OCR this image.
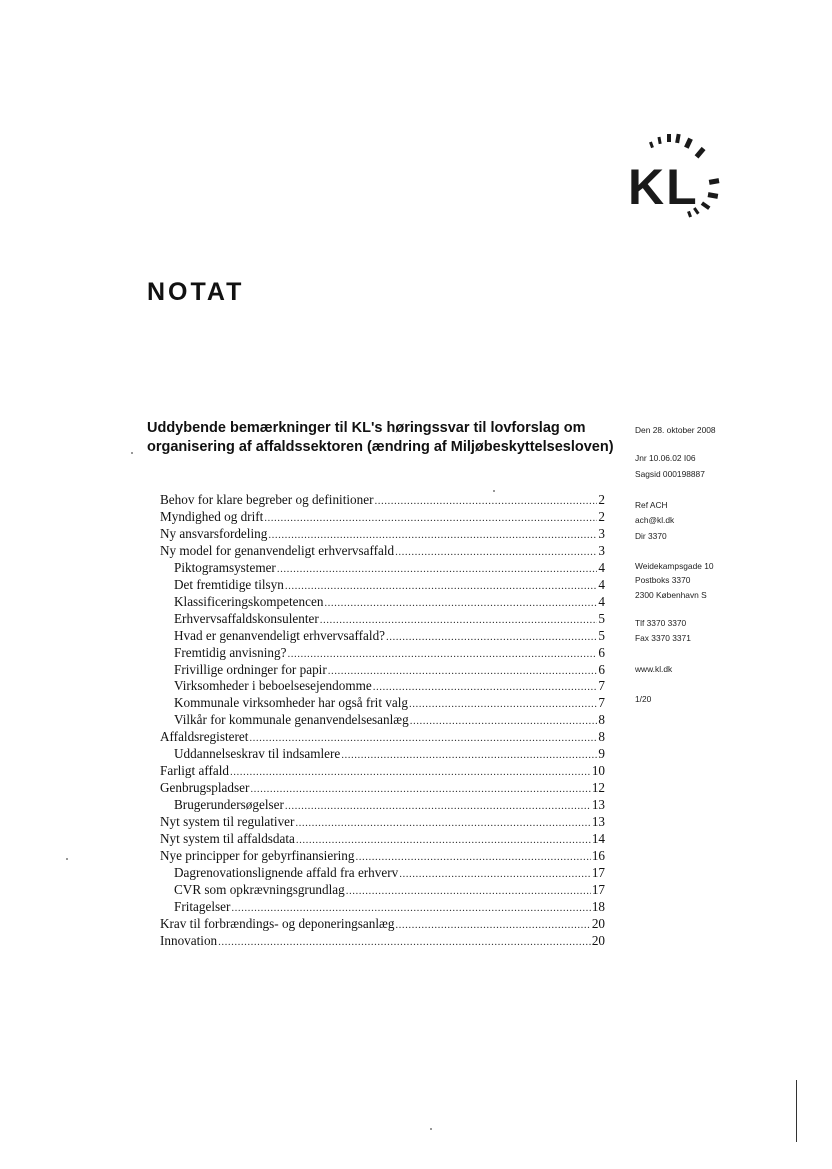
KL
NOTAT
Uddybende bemærkninger til KL's høringssvar til lovforslag om
organisering af affaldssektoren (ændring af Miljøbeskyttelsesloven)
Den 28. oktober 2008
Jnr 10.06.02 I06
Sagsid 000198887
Ref ACH
ach@kl.dk
Dir 3370
Weidekampsgade 10
Postboks 3370
2300 København S
Tlf 3370 3370
Fax 3370 3371
www.kl.dk
1/20
Behov for klare begreber og definitioner .....	2
Myndighed og drift .....	2
Ny ansvarsfordeling .....	3
Ny model for genanvendeligt erhvervsaffald .....	3
Piktogramsystemer .....	4
Det fremtidige tilsyn .....	4
Klassificeringskompetencen .....	4
Erhvervsaffaldskonsulenter .....	5
Hvad er genanvendeligt erhvervsaffald? .....	5
Fremtidig anvisning? .....	6
Frivillige ordninger for papir .....	6
Virksomheder i beboelsesejendomme .....	7
Kommunale virksomheder har også frit valg .....	7
Vilkår for kommunale genanvendelsesanlæg .....	8
Affaldsregisteret .....	8
Uddannelseskrav til indsamlere .....	9
Farligt affald .....	10
Genbrugspladser .....	12
Brugerundersøgelser .....	13
Nyt system til regulativer .....	13
Nyt system til affaldsdata .....	14
Nye principper for gebyrfinansiering .....	16
Dagrenovationslignende affald fra erhverv .....	17
CVR som opkrævningsgrundlag .....	17
Fritagelser .....	18
Krav til forbrændings- og deponeringsanlæg .....	20
Innovation .....	20
